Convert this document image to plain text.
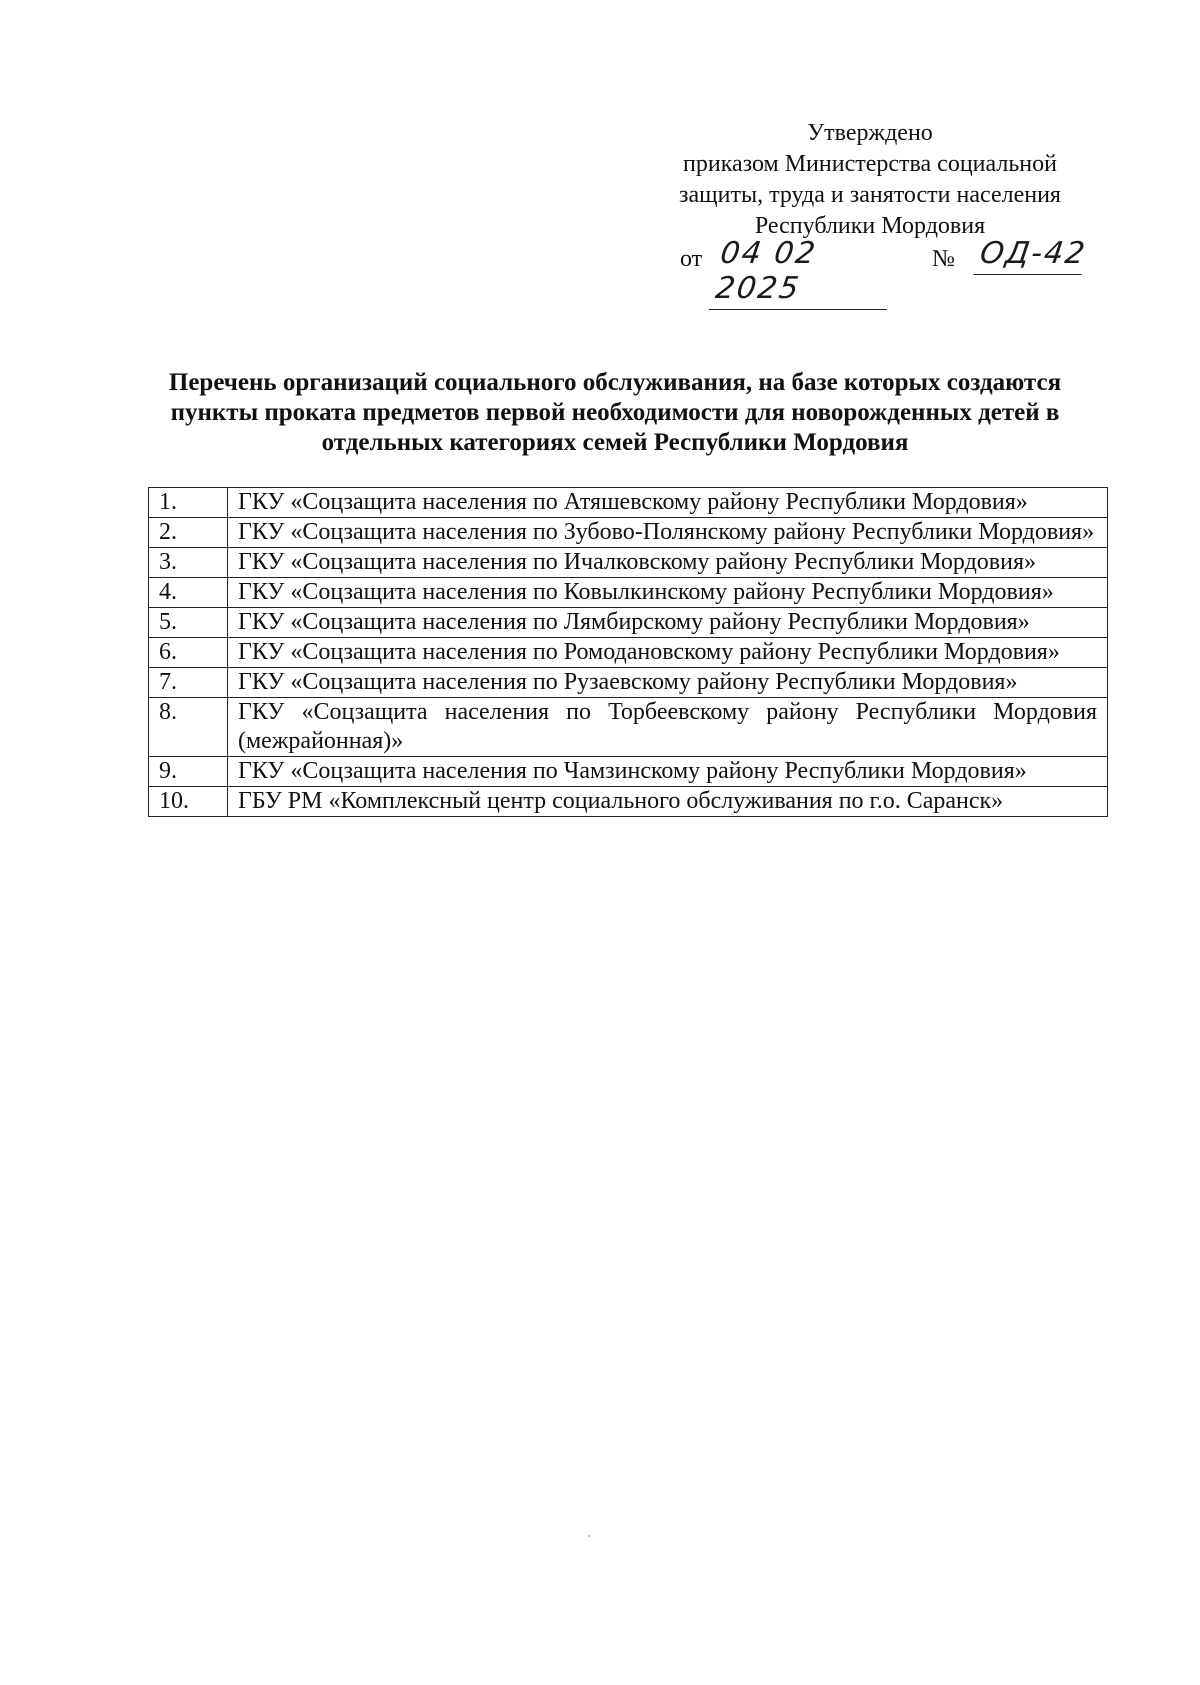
Утверждено
приказом Министерства социальной
защиты, труда и занятости населения
Республики Мордовия
от 04 02 2025
№ ОД-42
Перечень организаций социального обслуживания, на базе которых создаются пункты проката предметов первой необходимости для новорожденных детей в отдельных категориях семей Республики Мордовия
1.	ГКУ «Соцзащита населения по Атяшевскому району Республики Мордовия»
2.	ГКУ «Соцзащита населения по Зубово-Полянскому району Республики Мордовия»
3.	ГКУ «Соцзащита населения по Ичалковскому району Республики Мордовия»
4.	ГКУ «Соцзащита населения по Ковылкинскому району Республики Мордовия»
5.	ГКУ «Соцзащита населения по Лямбирскому району Республики Мордовия»
6.	ГКУ «Соцзащита населения по Ромодановскому району Республики Мордовия»
7.	ГКУ «Соцзащита населения по Рузаевскому району Республики Мордовия»
8.	ГКУ «Соцзащита населения по Торбеевскому району Республики Мордовия (межрайонная)»
9.	ГКУ «Соцзащита населения по Чамзинскому району Республики Мордовия»
10.	ГБУ РМ «Комплексный центр социального обслуживания по г.о. Саранск»
